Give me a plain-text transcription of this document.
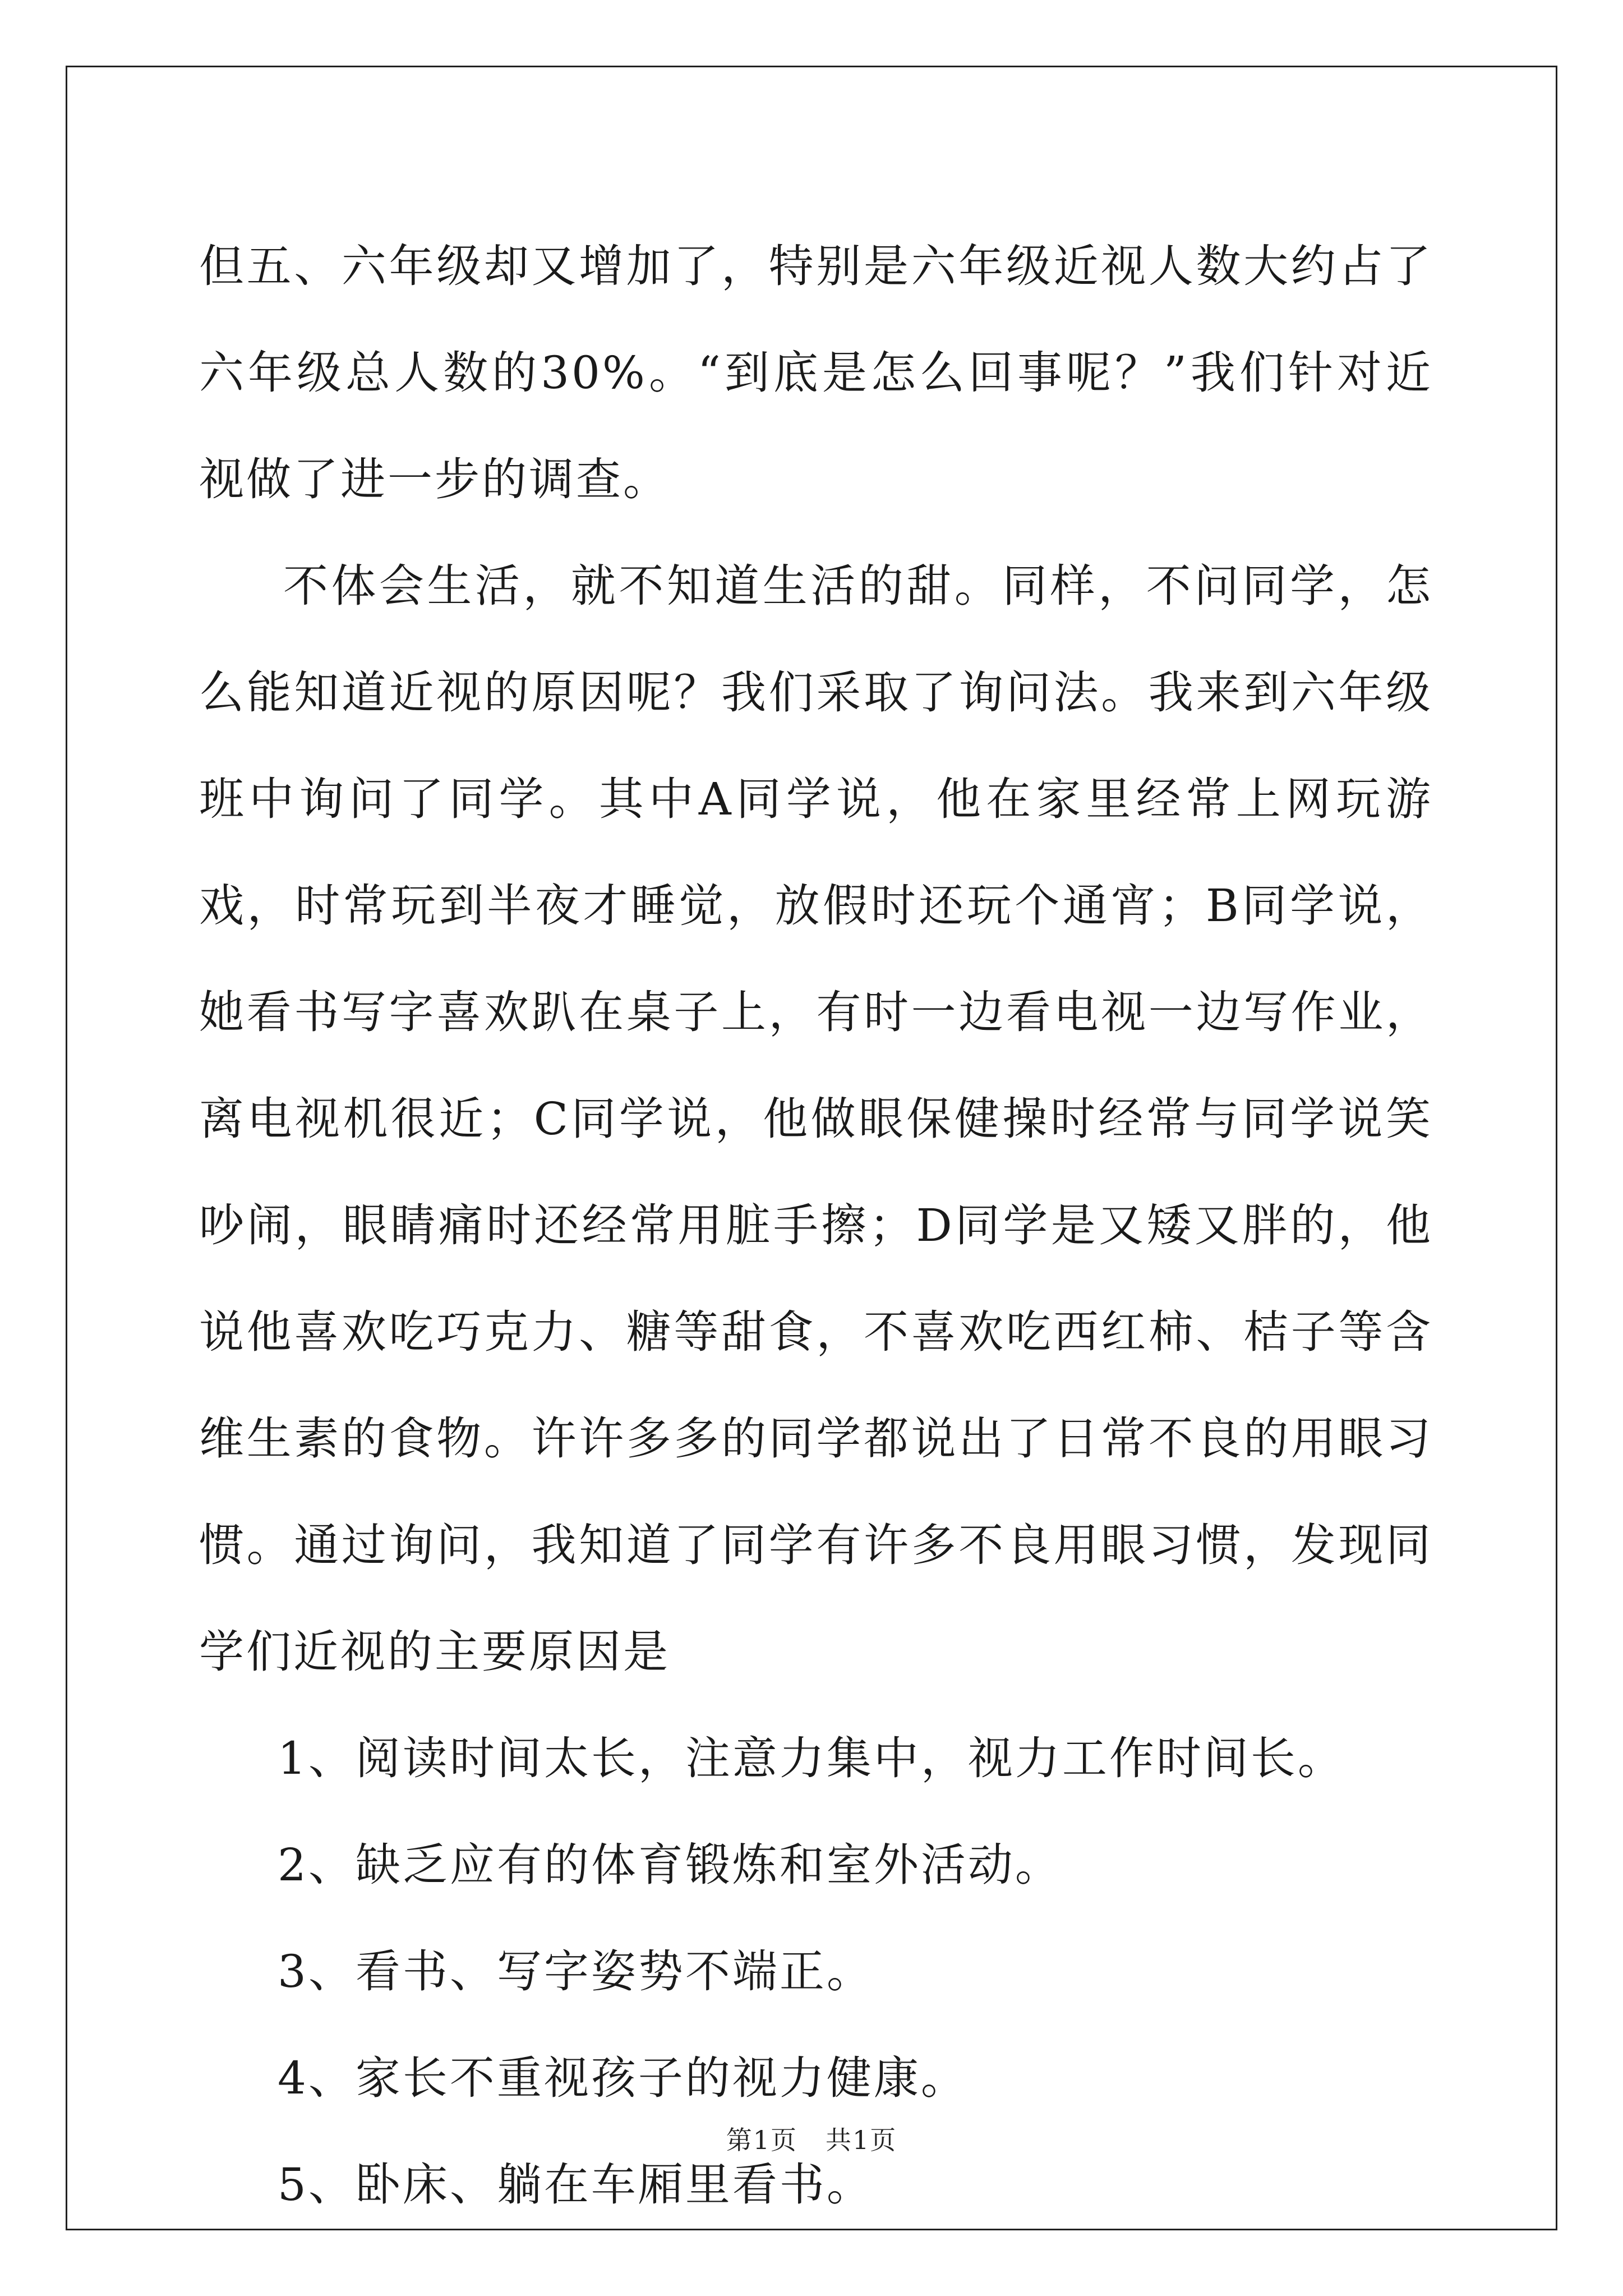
但五、六年级却又增加了，特别是六年级近视人数大约占了六年级总人数的30%。“到底是怎么回事呢？”我们针对近视做了进一步的调查。

不体会生活，就不知道生活的甜。同样，不问同学，怎么能知道近视的原因呢？我们采取了询问法。我来到六年级班中询问了同学。其中A同学说，他在家里经常上网玩游戏，时常玩到半夜才睡觉，放假时还玩个通宵；B同学说，她看书写字喜欢趴在桌子上，有时一边看电视一边写作业，离电视机很近；C同学说，他做眼保健操时经常与同学说笑吵闹，眼睛痛时还经常用脏手擦；D同学是又矮又胖的，他说他喜欢吃巧克力、糖等甜食，不喜欢吃西红柿、桔子等含维生素的食物。许许多多的同学都说出了日常不良的用眼习惯。通过询问，我知道了同学有许多不良用眼习惯，发现同学们近视的主要原因是

1、阅读时间太长，注意力集中，视力工作时间长。

2、缺乏应有的体育锻炼和室外活动。

3、看书、写字姿势不端正。

4、家长不重视孩子的视力健康。

5、卧床、躺在车厢里看书。

第1页 共1页
